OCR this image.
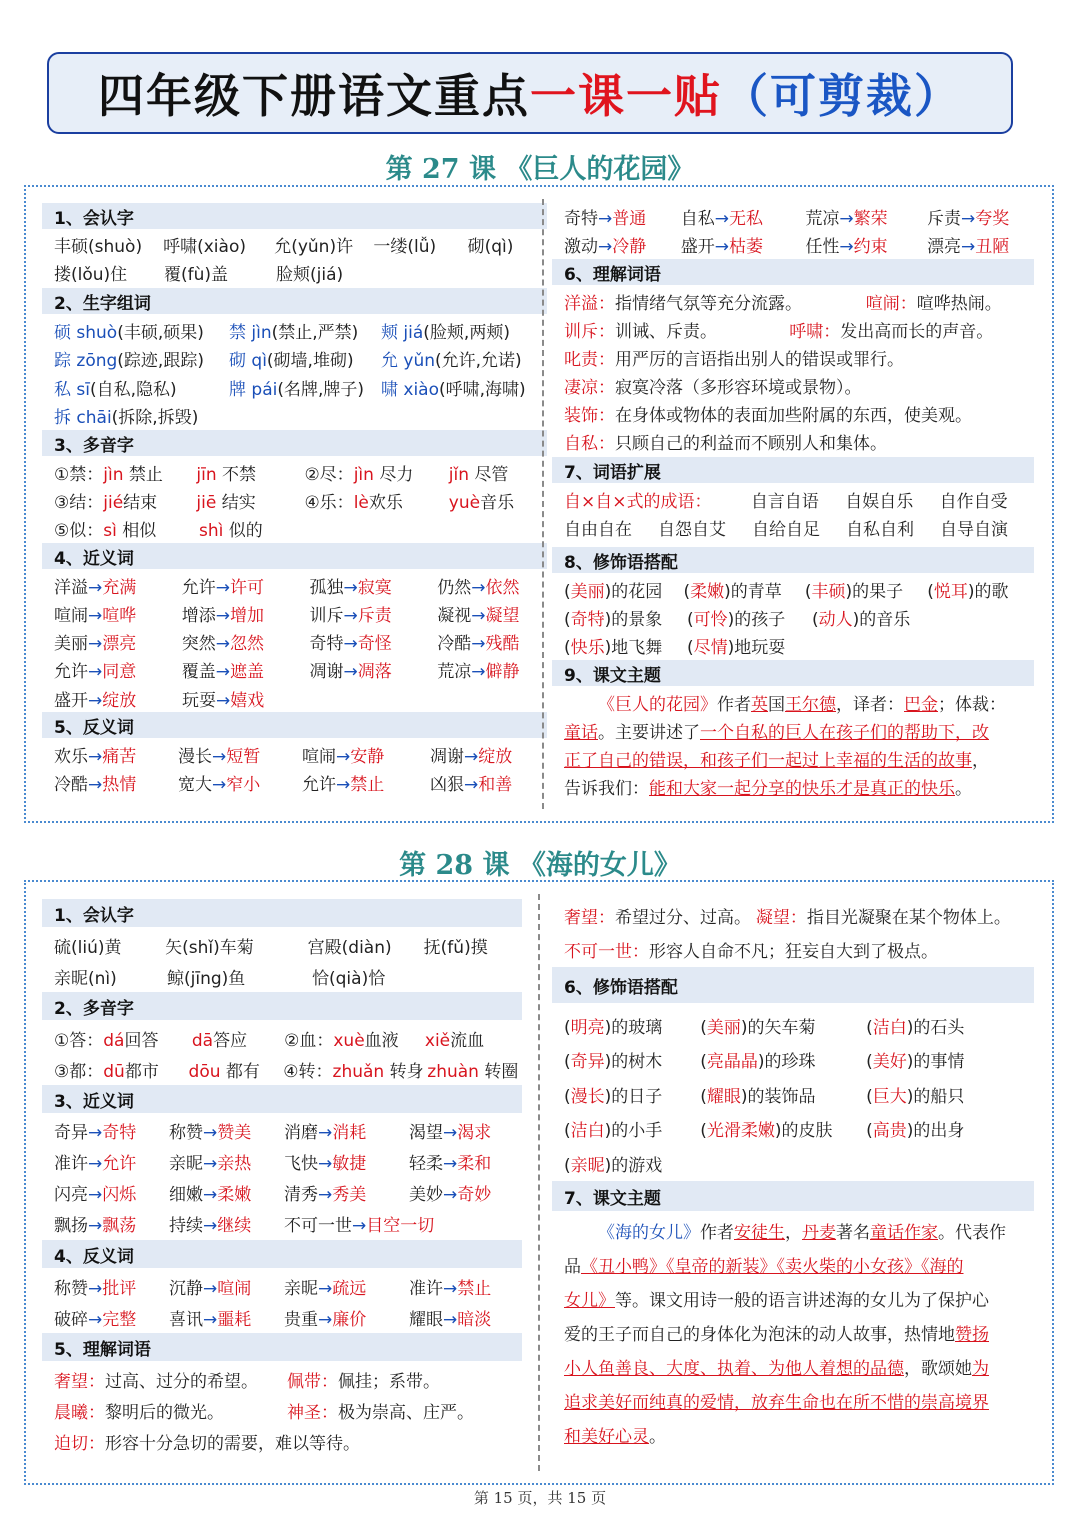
四年级下册语文重点 一课一贴 （可剪裁）
第 27 课 《巨人的花园》
1、会认字
丰硕(shuò)	呼啸(xiào)	允(yǔn)许	一缕(lǚ)	砌(qì)
搂(lǒu)住	覆(fù)盖	脸颊(jiá)
2、生字组词
硕 shuò(丰硕,硕果)	禁 jìn(禁止,严禁)	颊 jiá(脸颊,两颊)
踪 zōng(踪迹,跟踪)	砌 qì(砌墙,堆砌)	允 yǔn(允许,允诺)
私 sī(自私,隐私)	牌 pái(名牌,牌子) 啸 xiào(呼啸,海啸)
拆 chāi(拆除,拆毁)
3、多音字
①禁：jìn 禁止	jīn 不禁	②尽：jìn 尽力	jǐn 尽管
③结：jié结束	jiē 结实	④乐：lè欢乐	yuè音乐
⑤似：sì 相似	shì 似的
4、近义词
洋溢→充满	允许→许可	孤独→寂寞	仍然→依然
喧闹→喧哗	增添→增加	训斥→斥责	凝视→凝望
美丽→漂亮	突然→忽然	奇特→奇怪	冷酷→残酷
允许→同意	覆盖→遮盖	凋谢→凋落	荒凉→僻静
盛开→绽放	玩耍→嬉戏
5、反义词
欢乐→痛苦	漫长→短暂	喧闹→安静	凋谢→绽放
冷酷→热情	宽大→窄小	允许→禁止	凶狠→和善
奇特→普通	自私→无私	荒凉→繁荣	斥责→夸奖
激动→冷静	盛开→枯萎	任性→约束	漂亮→丑陋
6、理解词语
洋溢：指情绪气氛等充分流露。	喧闹：喧哗热闹。
训斥：训诫、斥责。	呼啸：发出高而长的声音。
叱责：用严厉的言语指出别人的错误或罪行。
凄凉：寂寞冷落（多形容环境或景物）。
装饰：在身体或物体的表面加些附属的东西，使美观。
自私：只顾自己的利益而不顾别人和集体。
7、词语扩展
自×自×式的成语：	自言自语	自娱自乐	自作自受
自由自在	自怨自艾	自给自足	自私自利	自导自演
8、修饰语搭配
(美丽)的花园	(柔嫩)的青草	(丰硕)的果子	(悦耳)的歌
(奇特)的景象	(可怜)的孩子	(动人)的音乐
(快乐)地飞舞	(尽情)地玩耍
9、课文主题
《巨人的花园》 作者 英 国 王尔德 ，译者： 巴金 ；体裁：
童话 。主要讲述了 一个自私的巨人在孩子们的帮助下，改
正了自己的错误，和孩子们一起过上幸福的生活的故事 ，
告诉我们： 能和大家一起分享的快乐才是真正的快乐 。
第 28 课 《海的女儿》
1、会认字
硫(liú)黄	矢(shǐ)车菊	宫殿(diàn)	抚(fǔ)摸
亲昵(nì)	鲸(jīng)鱼	恰(qià)恰
2、多音字
①答：dá回答	dā答应	②血：xuè血液	xiě流血
③都：dū都市	dōu 都有	④转：zhuǎn 转身 zhuàn 转圈
3、近义词
奇异→奇特	称赞→赞美	消磨→消耗	渴望→渴求
准许→允许	亲昵→亲热	飞快→敏捷	轻柔→柔和
闪亮→闪烁	细嫩→柔嫩	清秀→秀美	美妙→奇妙
飘扬→飘荡	持续→继续	不可一世→目空一切
4、反义词
称赞→批评	沉静→喧闹	亲昵→疏远	准许→禁止
破碎→完整	喜讯→噩耗	贵重→廉价	耀眼→暗淡
5、理解词语
奢望：过高、过分的希望。	佩带：佩挂；系带。
晨曦：黎明后的微光。	神圣：极为崇高、庄严。
迫切：形容十分急切的需要，难以等待。
奢望：希望过分、过高。 凝望：指目光凝聚在某个物体上。
不可一世：形容人自命不凡；狂妄自大到了极点。
6、修饰语搭配
(明亮)的玻璃	(美丽)的矢车菊	(洁白)的石头
(奇异)的树木	(亮晶晶)的珍珠	(美好)的事情
(漫长)的日子	(耀眼)的装饰品	(巨大)的船只
(洁白)的小手	(光滑柔嫩)的皮肤	(高贵)的出身
(亲昵)的游戏
7、课文主题
《海的女儿》 作者 安徒生 ， 丹麦 著名 童话作家 。代表作
品 《丑小鸭》《皇帝的新装》《卖火柴的小女孩》《海的
女儿》 等。课文用诗一般的语言讲述海的女儿为了保护心
爱的王子而自己的身体化为泡沫的动人故事，热情地 赞扬
小人鱼善良、大度、执着、为他人着想的品德 ，歌颂她 为
追求美好而纯真的爱情，放弃生命也在所不惜的崇高境界
和美好心灵 。
第 15 页，共 15 页
